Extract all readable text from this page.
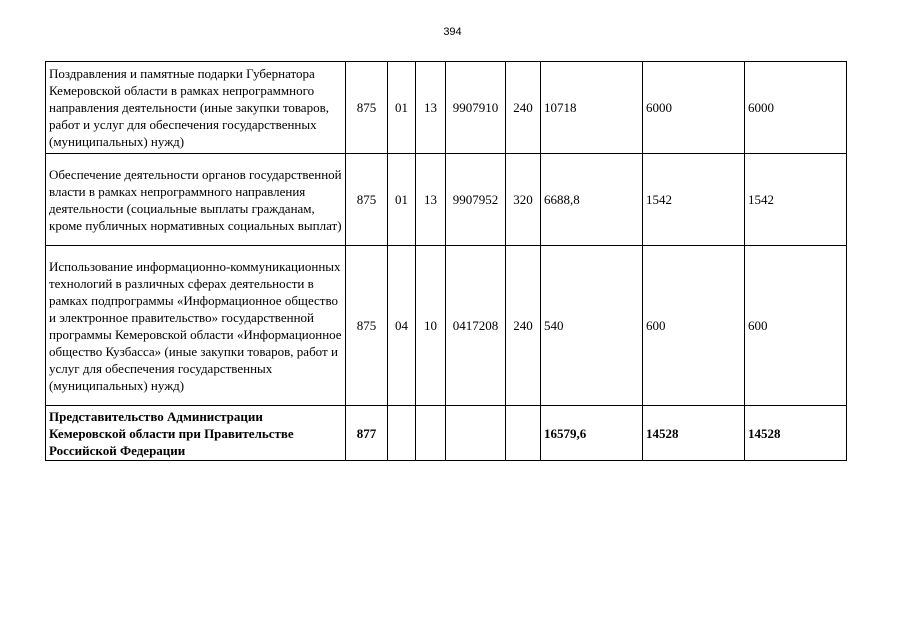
394
Поздравления и памятные подарки Губернатора Кемеровской области в рамках непрограммного направления деятельности (иные закупки товаров, работ и услуг для обеспечения государственных (муниципальных) нужд)	875	01	13	9907910	240	10718	6000	6000
Обеспечение деятельности органов государственной власти в рамках непрограммного направления деятельности (социальные выплаты гражданам, кроме публичных нормативных социальных выплат)	875	01	13	9907952	320	6688,8	1542	1542
Использование информационно-коммуникационных технологий в различных сферах деятельности в рамках подпрограммы «Информационное общество и электронное правительство» государственной программы Кемеровской области «Информационное общество Кузбасса» (иные закупки товаров, работ и услуг для обеспечения государственных (муниципальных) нужд)	875	04	10	0417208	240	540	600	600
Представительство Администрации Кемеровской области при Правительстве Российской Федерации	877					16579,6	14528	14528
